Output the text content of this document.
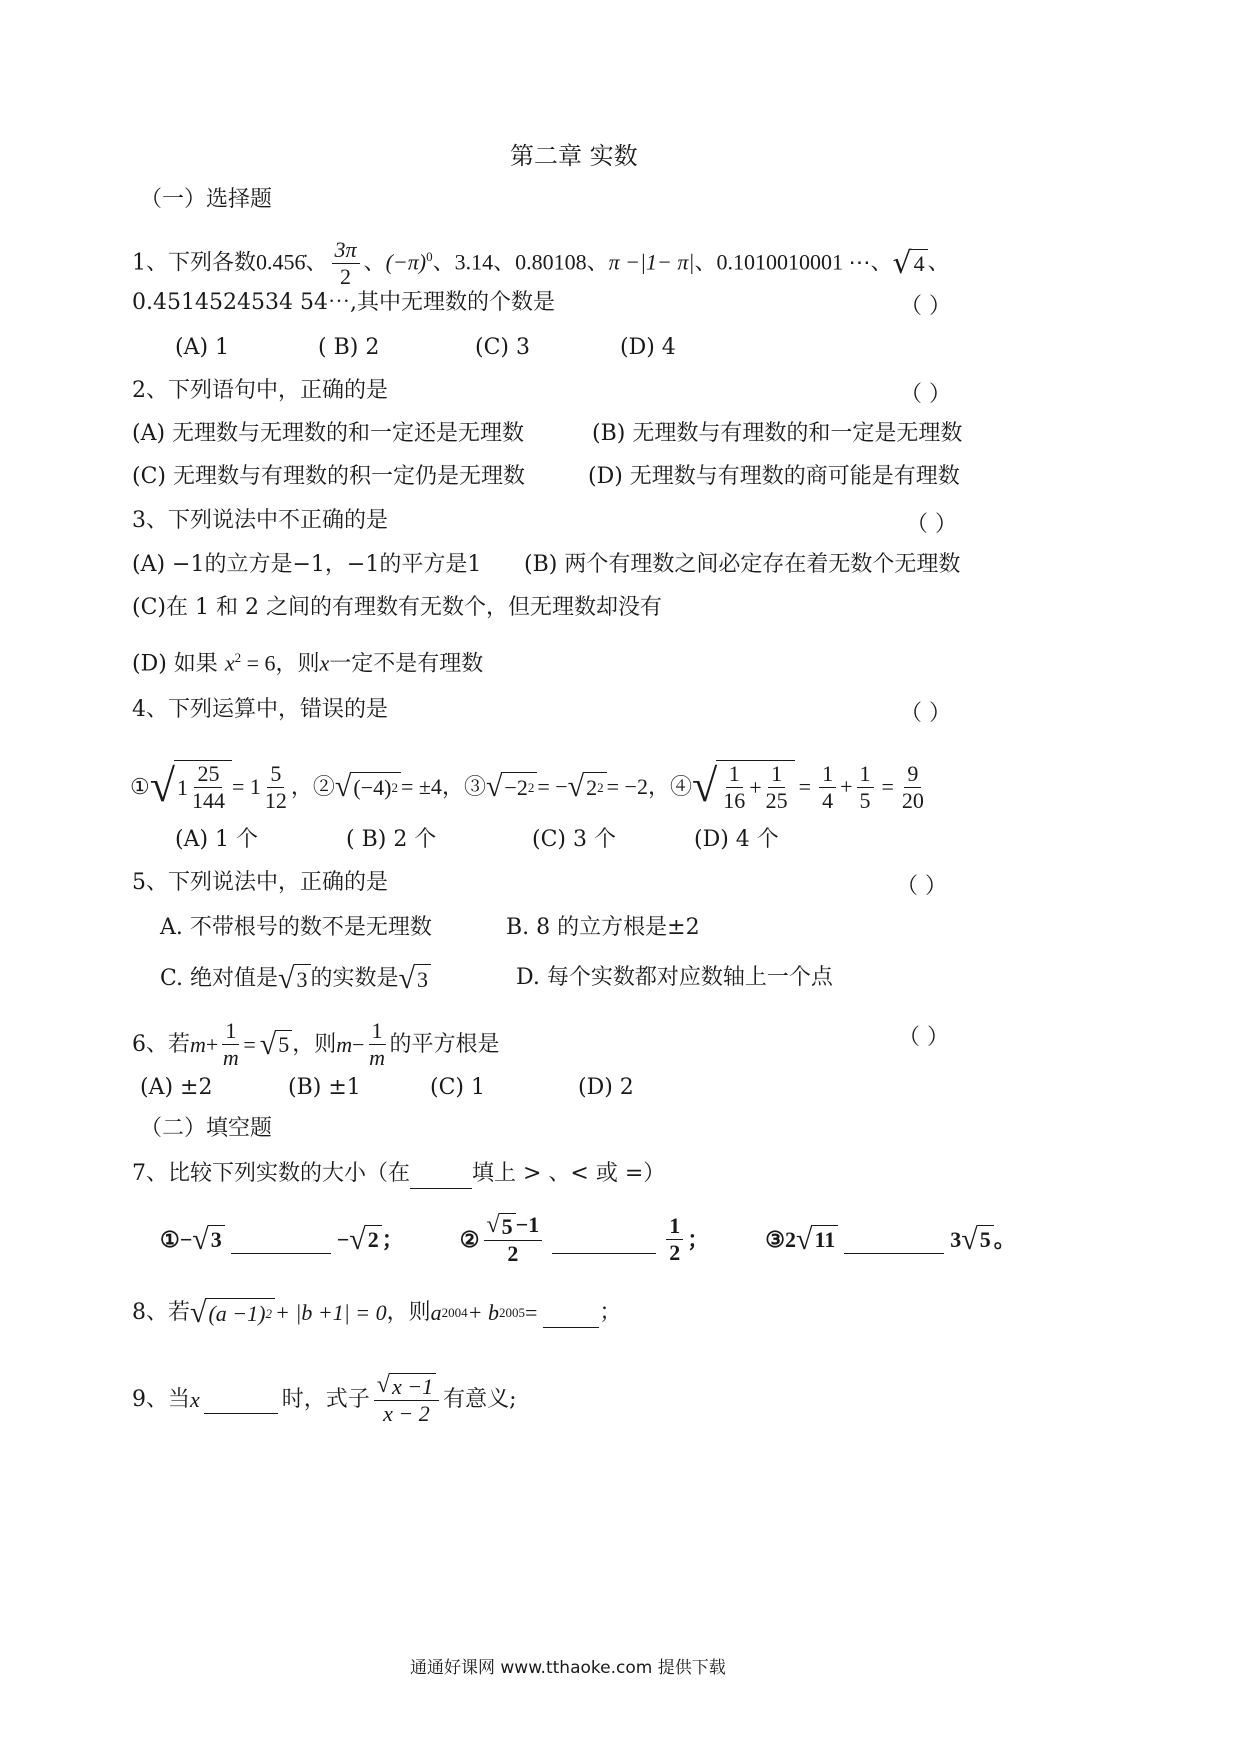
第二章 实数
（一）选择题
1、下列各数0.456̇、 $\frac{3\pi}{2}$ 、$(-\pi)^0$、3.14、0.80108、π −|1− π|、0.1010010001 ⋯、 √ 4 、
0.4514524534 54⋯,其中无理数的个数是	（ ）
(A) 1	( B) 2	(C) 3	(D) 4
2、下列语句中，正确的是	（ ）
(A) 无理数与无理数的和一定还是无理数	(B) 无理数与有理数的和一定是无理数
(C) 无理数与有理数的积一定仍是无理数	(D) 无理数与有理数的商可能是有理数
3、下列说法中不正确的是	（ ）
(A) −1的立方是−1，−1的平方是1 (B) 两个有理数之间必定存在着无数个无理数
(C)在 1 和 2 之间的有理数有无数个，但无理数却没有
(D) 如果 $x^2 = 6$，则x一定不是有理数
4、下列运算中，错误的是	（ ）
① √ $1 \frac{25}{144} = 1 \frac{5}{12}$ ，② √ (−4) 2 = ±4 ，③ √ −2 2 = − √ 2 2 = −2 ，④ √ $\frac{1}{16} + \frac{1}{25} = \frac{1}{4} + \frac{1}{5} = \frac{9}{20}$
(A) 1 个	( B) 2 个	(C) 3 个	(D) 4 个
5、下列说法中，正确的是	（ ）
A. 不带根号的数不是无理数	B. 8 的立方根是±2
C. 绝对值是 √ 3 的实数是 √ 3	D. 每个实数都对应数轴上一个点
6、若 $m + \frac{1}{m}$ = √ 5 ，则 $m - \frac{1}{m}$ 的平方根是	（ ）
(A) ±2	(B) ±1	(C) 1	(D) 2
（二）填空题
7、比较下列实数的大小（在	填上 > 、< 或 =）
①− √ 3
	− √ 2 ；	② $\frac{√ 5 -1}{2}$
	$\frac{1}{2}$ ；	③2 √ 11
	3 √ 5 。
8、若 √ (a −1) 2 + |b +1| = 0 ，则 a 2004 + b 2005 =
	；
9、当 x
	时，式子 $\frac{√ x -1}{x - 2}$ 有意义;
通通好课网 www.tthaoke.com 提供下载
